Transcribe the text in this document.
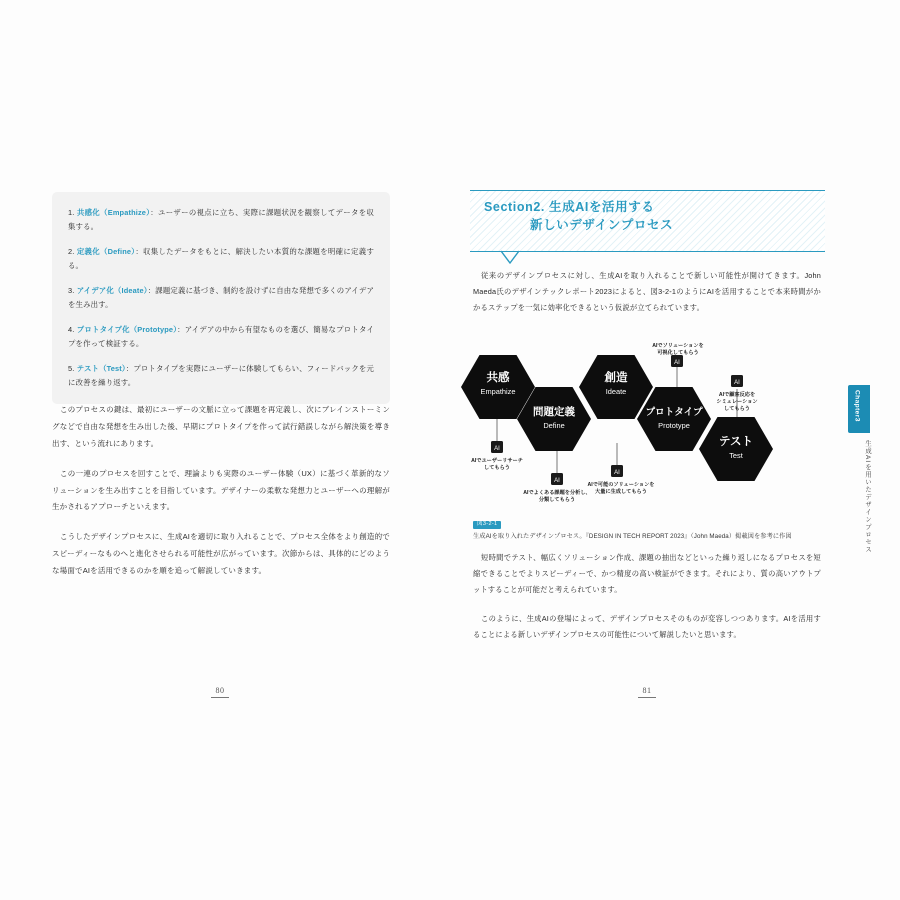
1. 共感化（Empathize）：ユーザーの視点に立ち、実際に課題状況を観察してデータを収集する。
2. 定義化（Define）：収集したデータをもとに、解決したい本質的な課題を明確に定義する。
3. アイデア化（Ideate）：課題定義に基づき、制約を設けずに自由な発想で多くのアイデアを生み出す。
4. プロトタイプ化（Prototype）：アイデアの中から有望なものを選び、簡易なプロトタイプを作って検証する。
5. テスト（Test）：プロトタイプを実際にユーザーに体験してもらい、フィードバックを元に改善を繰り返す。

このプロセスの鍵は、最初にユーザーの文脈に立って課題を再定義し、次にブレインストーミングなどで自由な発想を生み出した後、早期にプロトタイプを作って試行錯誤しながら解決策を導き出す、という流れにあります。

この一連のプロセスを回すことで、理論よりも実際のユーザー体験（UX）に基づく革新的なソリューションを生み出すことを目指しています。デザイナーの柔軟な発想力とユーザーへの理解が生かされるアプローチといえます。

こうしたデザインプロセスに、生成AIを適切に取り入れることで、プロセス全体をより創造的でスピーディーなものへと進化させられる可能性が広がっています。次節からは、具体的にどのような場面でAIを活用できるのかを順を追って解説していきます。

80
Section2. 生成AIを活用する
新しいデザインプロセス

従来のデザインプロセスに対し、生成AIを取り入れることで新しい可能性が開けてきます。John Maeda氏のデザインテックレポート2023によると、図3-2-1のようにAIを活用することで本来時間がかかるステップを一気に効率化できるという仮説が立てられています。

共感
Empathize
問題定義
Define
創造
Ideate
プロトタイプ
Prototype
テスト
Test
AI
AI
AI
AI
AI
AIでユーザーリサーチ
してもらう
AIでよくある課題を分析し、
分類してもらう
AIで可能のソリューションを
大量に生成してもらう
AIで顧客反応を
シミュレーション
してもらう
AIでソリューションを
可視化してもらう
図3-2-1
生成AIを取り入れたデザインプロセス。『DESIGN IN TECH REPORT 2023』（John Maeda）掲載図を参考に作図

短時間でテスト、幅広くソリューション作成、課題の抽出などといった繰り返しになるプロセスを短縮できることでよりスピーディーで、かつ精度の高い検証ができます。それにより、質の高いアウトプットすることが可能だと考えられています。

このように、生成AIの登場によって、デザインプロセスそのものが変容しつつあります。AIを活用することによる新しいデザインプロセスの可能性について解説したいと思います。

81
Chapter3
生成AIを用いたデザインプロセス
